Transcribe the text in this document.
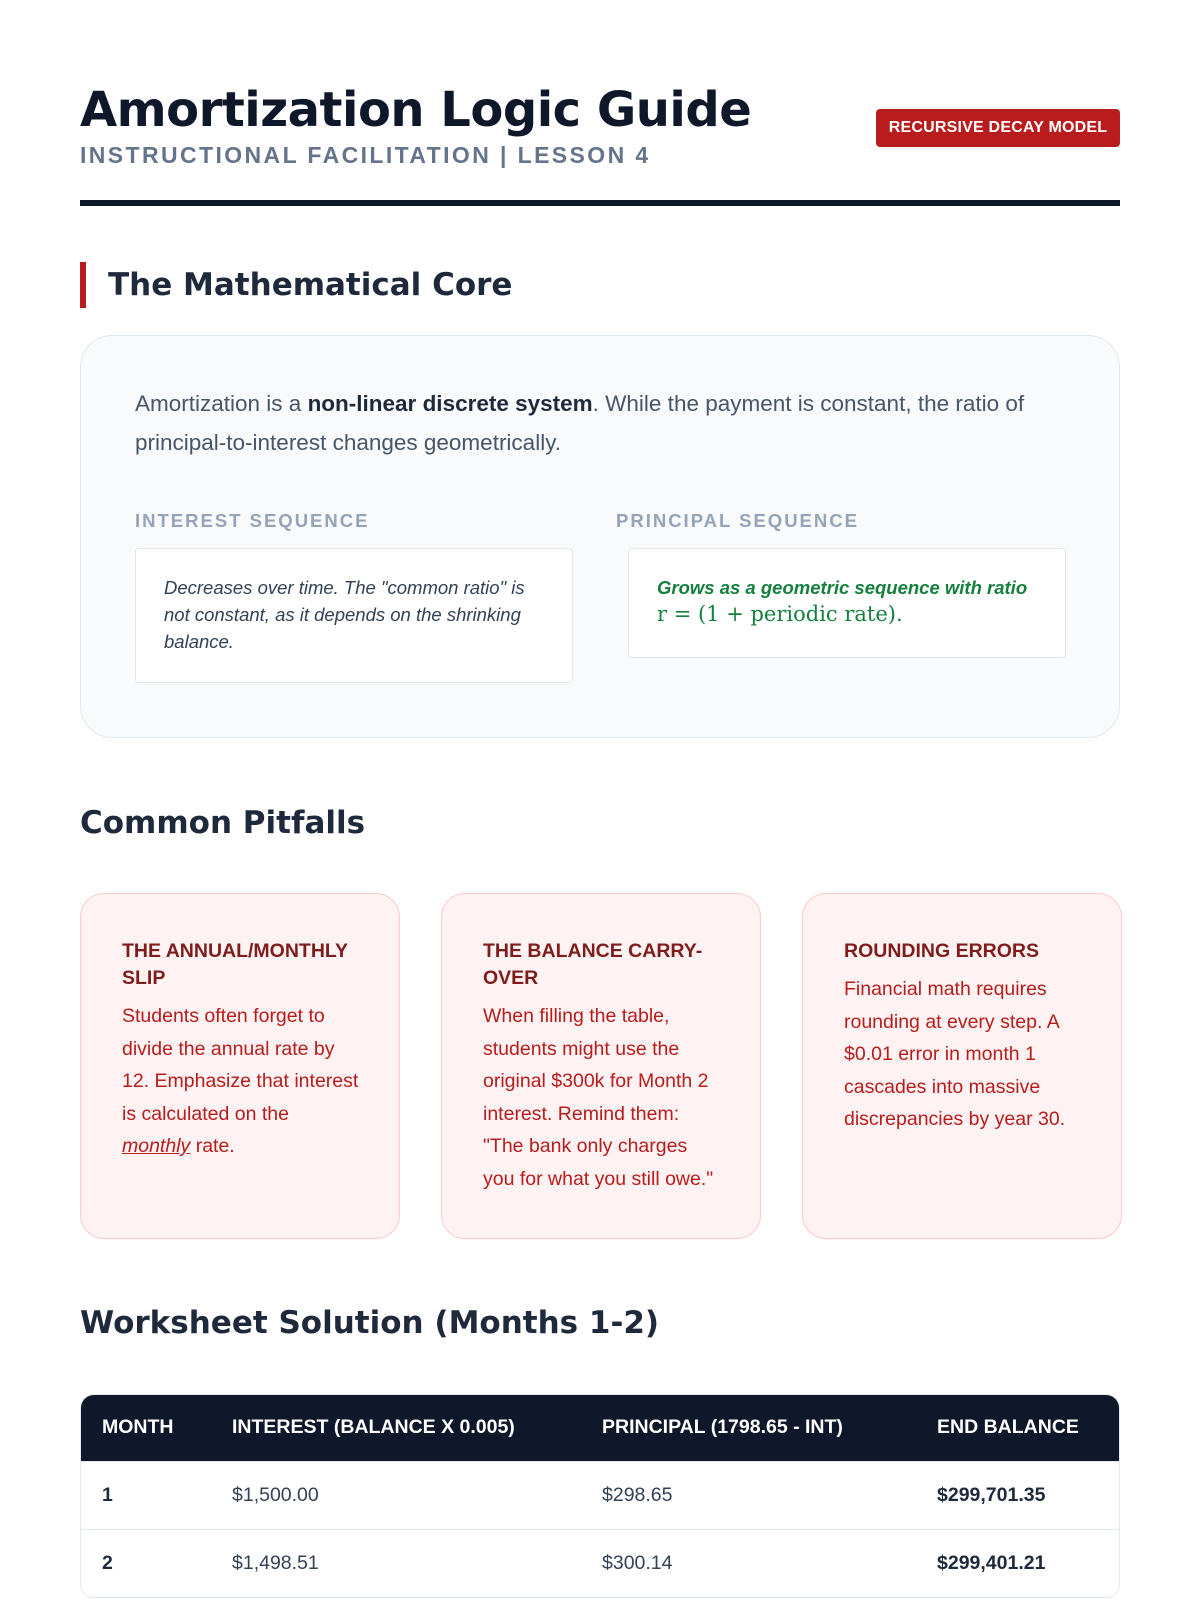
Amortization Logic Guide
INSTRUCTIONAL FACILITATION | LESSON 4
RECURSIVE DECAY MODEL
The Mathematical Core

Amortization is a non-linear discrete system. While the payment is constant, the ratio of principal-to-interest changes geometrically.

INTEREST SEQUENCE
Decreases over time. The "common ratio" is not constant, as it depends on the shrinking balance.
PRINCIPAL SEQUENCE
Grows as a geometric sequence with ratio
r = (1 + periodic rate).
Common Pitfalls
THE ANNUAL/MONTHLY SLIP
Students often forget to divide the annual rate by 12. Emphasize that interest is calculated on the monthly rate.
THE BALANCE CARRY-OVER
When filling the table, students might use the original $300k for Month 2 interest. Remind them: "The bank only charges you for what you still owe."
ROUNDING ERRORS
Financial math requires rounding at every step. A $0.01 error in month 1 cascades into massive discrepancies by year 30.
Worksheet Solution (Months 1-2)
MONTH	INTEREST (BALANCE X 0.005)	PRINCIPAL (1798.65 - INT)	END BALANCE
1	$1,500.00	$298.65	$299,701.35
2	$1,498.51	$300.14	$299,401.21
